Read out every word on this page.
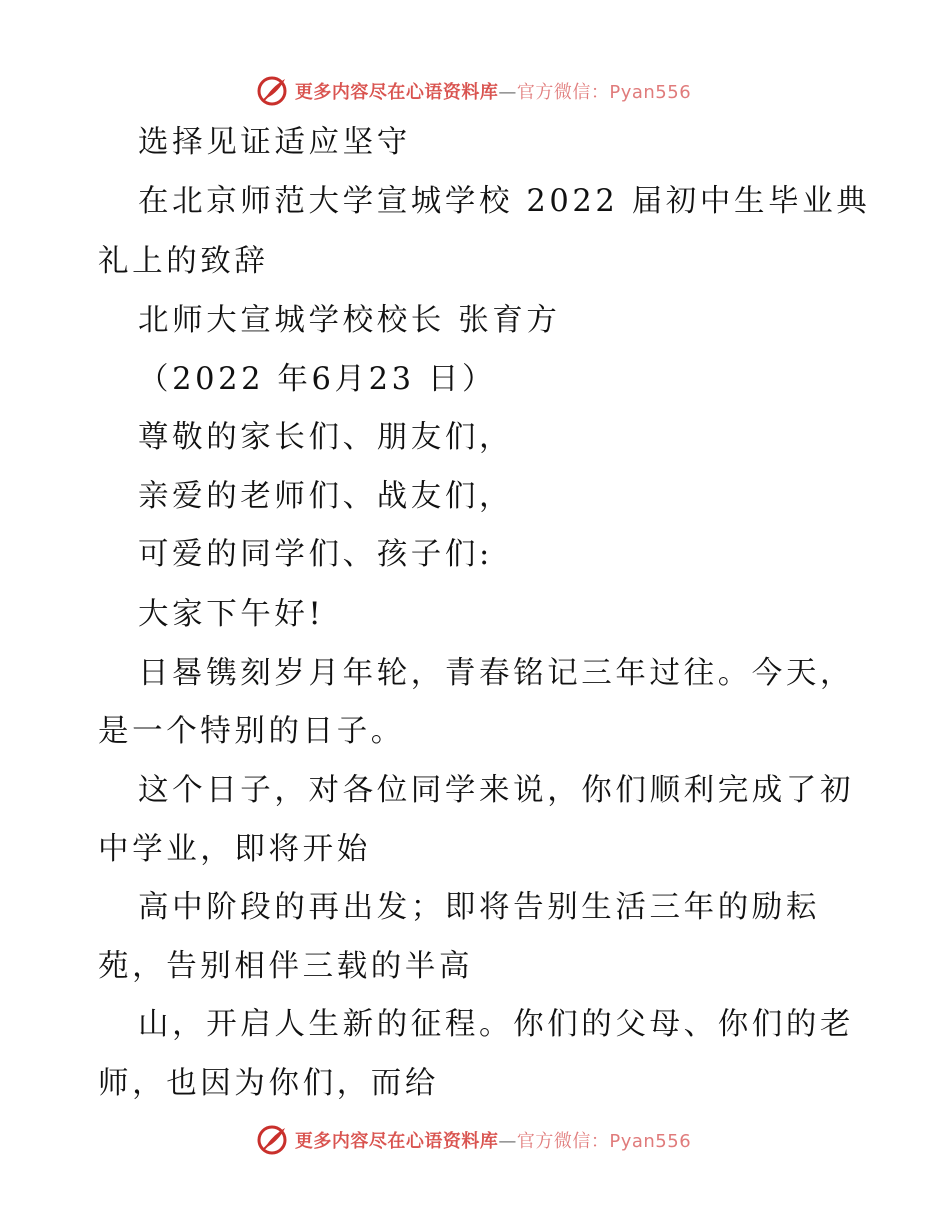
更多内容尽在心语资料库—官方微信：Pyan556
选择见证适应坚守
在北京师范大学宣城学校 2022 届初中生毕业典
礼上的致辞
北师大宣城学校校长 张育方
（2022 年6月23 日）
尊敬的家长们、朋友们，
亲爱的老师们、战友们，
可爱的同学们、孩子们:
大家下午好!
日晷镌刻岁月年轮，青春铭记三年过往。今天，
是一个特别的日子。
这个日子，对各位同学来说，你们顺利完成了初
中学业，即将开始
高中阶段的再出发；即将告别生活三年的励耘
苑，告别相伴三载的半高
山，开启人生新的征程。你们的父母、你们的老
师，也因为你们，而给
更多内容尽在心语资料库—官方微信：Pyan556
